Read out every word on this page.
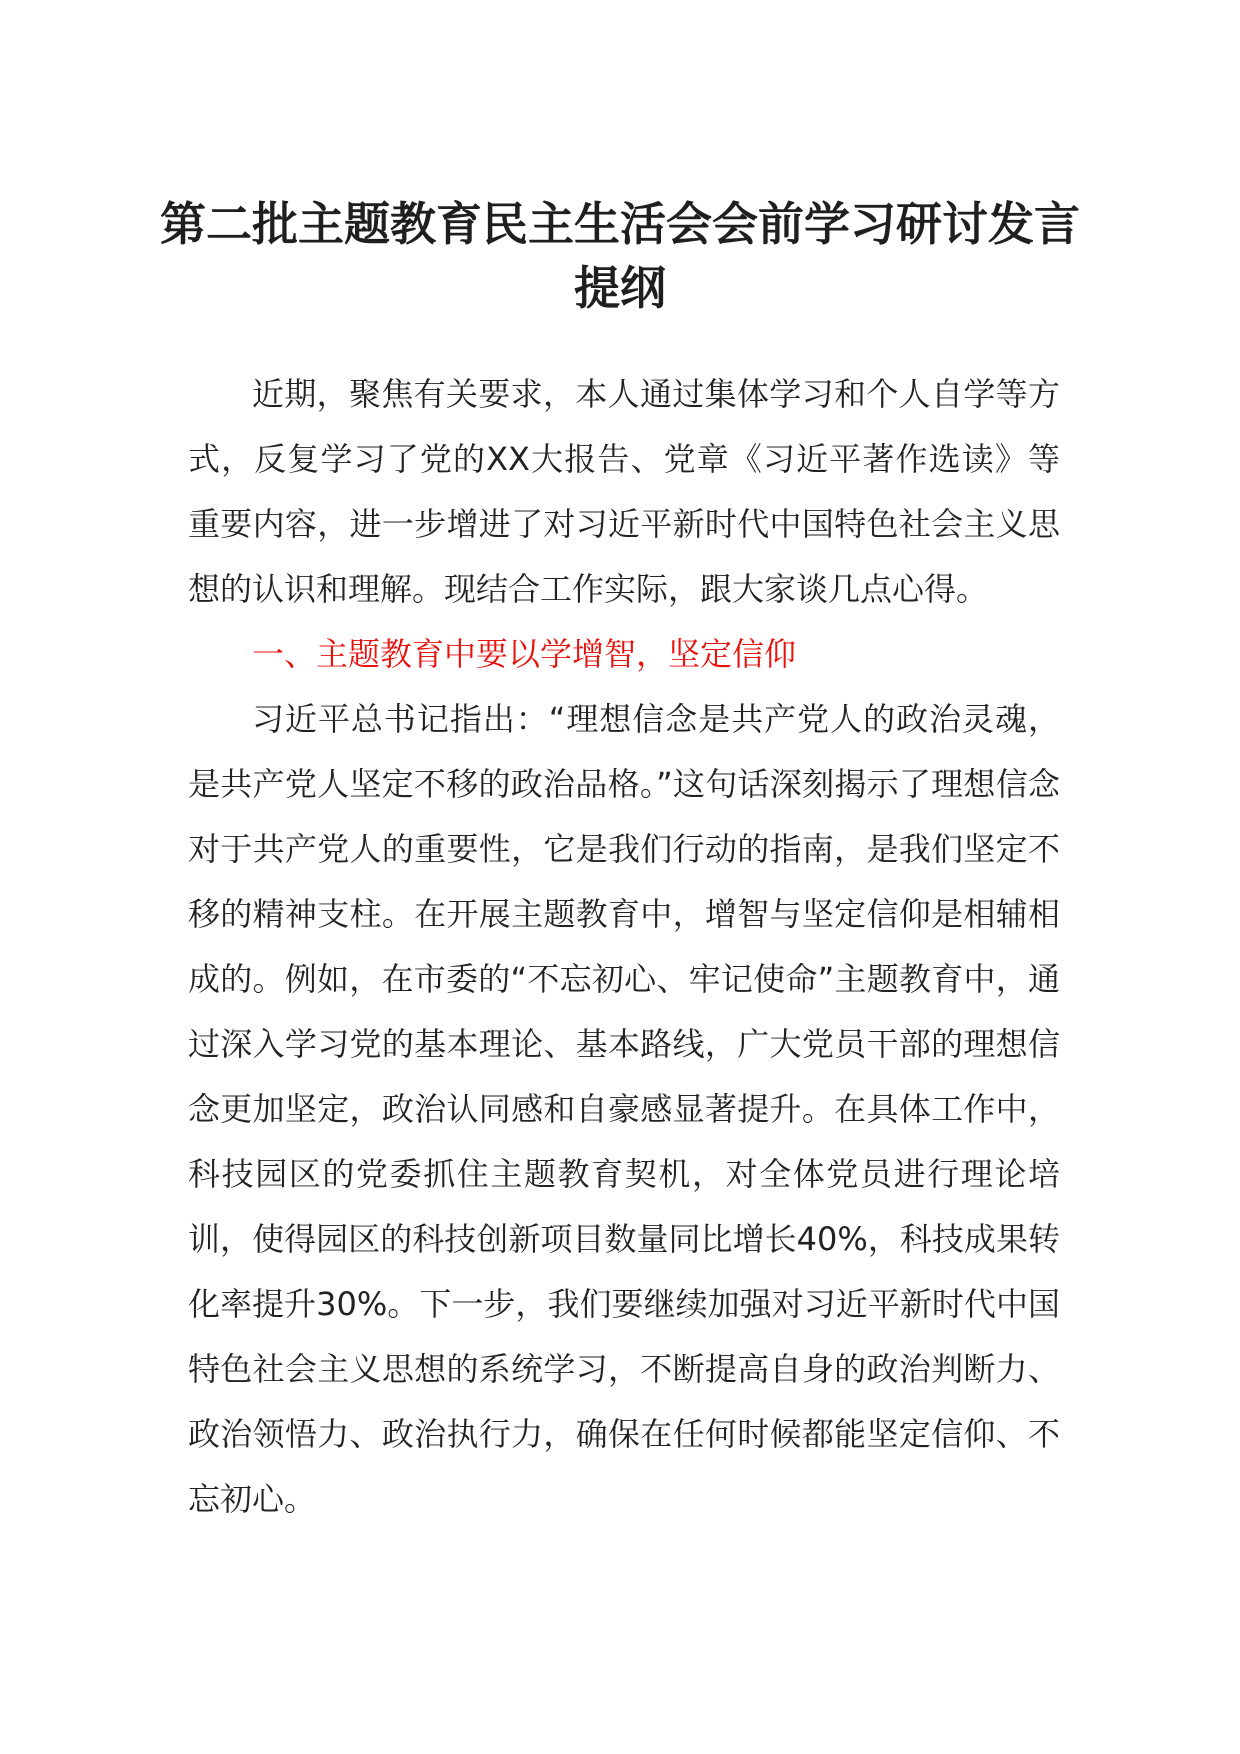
第二批主题教育民主生活会会前学习研讨发言提纲

近期，聚焦有关要求，本人通过集体学习和个人自学等方式，反复学习了党的XX大报告、党章《习近平著作选读》等重要内容，进一步增进了对习近平新时代中国特色社会主义思想的认识和理解。现结合工作实际，跟大家谈几点心得。

一、主题教育中要以学增智，坚定信仰

习近平总书记指出：“理想信念是共产党人的政治灵魂，是共产党人坚定不移的政治品格。”这句话深刻揭示了理想信念对于共产党人的重要性，它是我们行动的指南，是我们坚定不移的精神支柱。在开展主题教育中，增智与坚定信仰是相辅相成的。例如，在市委的“不忘初心、牢记使命”主题教育中，通过深入学习党的基本理论、基本路线，广大党员干部的理想信念更加坚定，政治认同感和自豪感显著提升。在具体工作中，科技园区的党委抓住主题教育契机，对全体党员进行理论培训，使得园区的科技创新项目数量同比增长40%，科技成果转化率提升30%。下一步，我们要继续加强对习近平新时代中国特色社会主义思想的系统学习，不断提高自身的政治判断力、政治领悟力、政治执行力，确保在任何时候都能坚定信仰、不忘初心。
